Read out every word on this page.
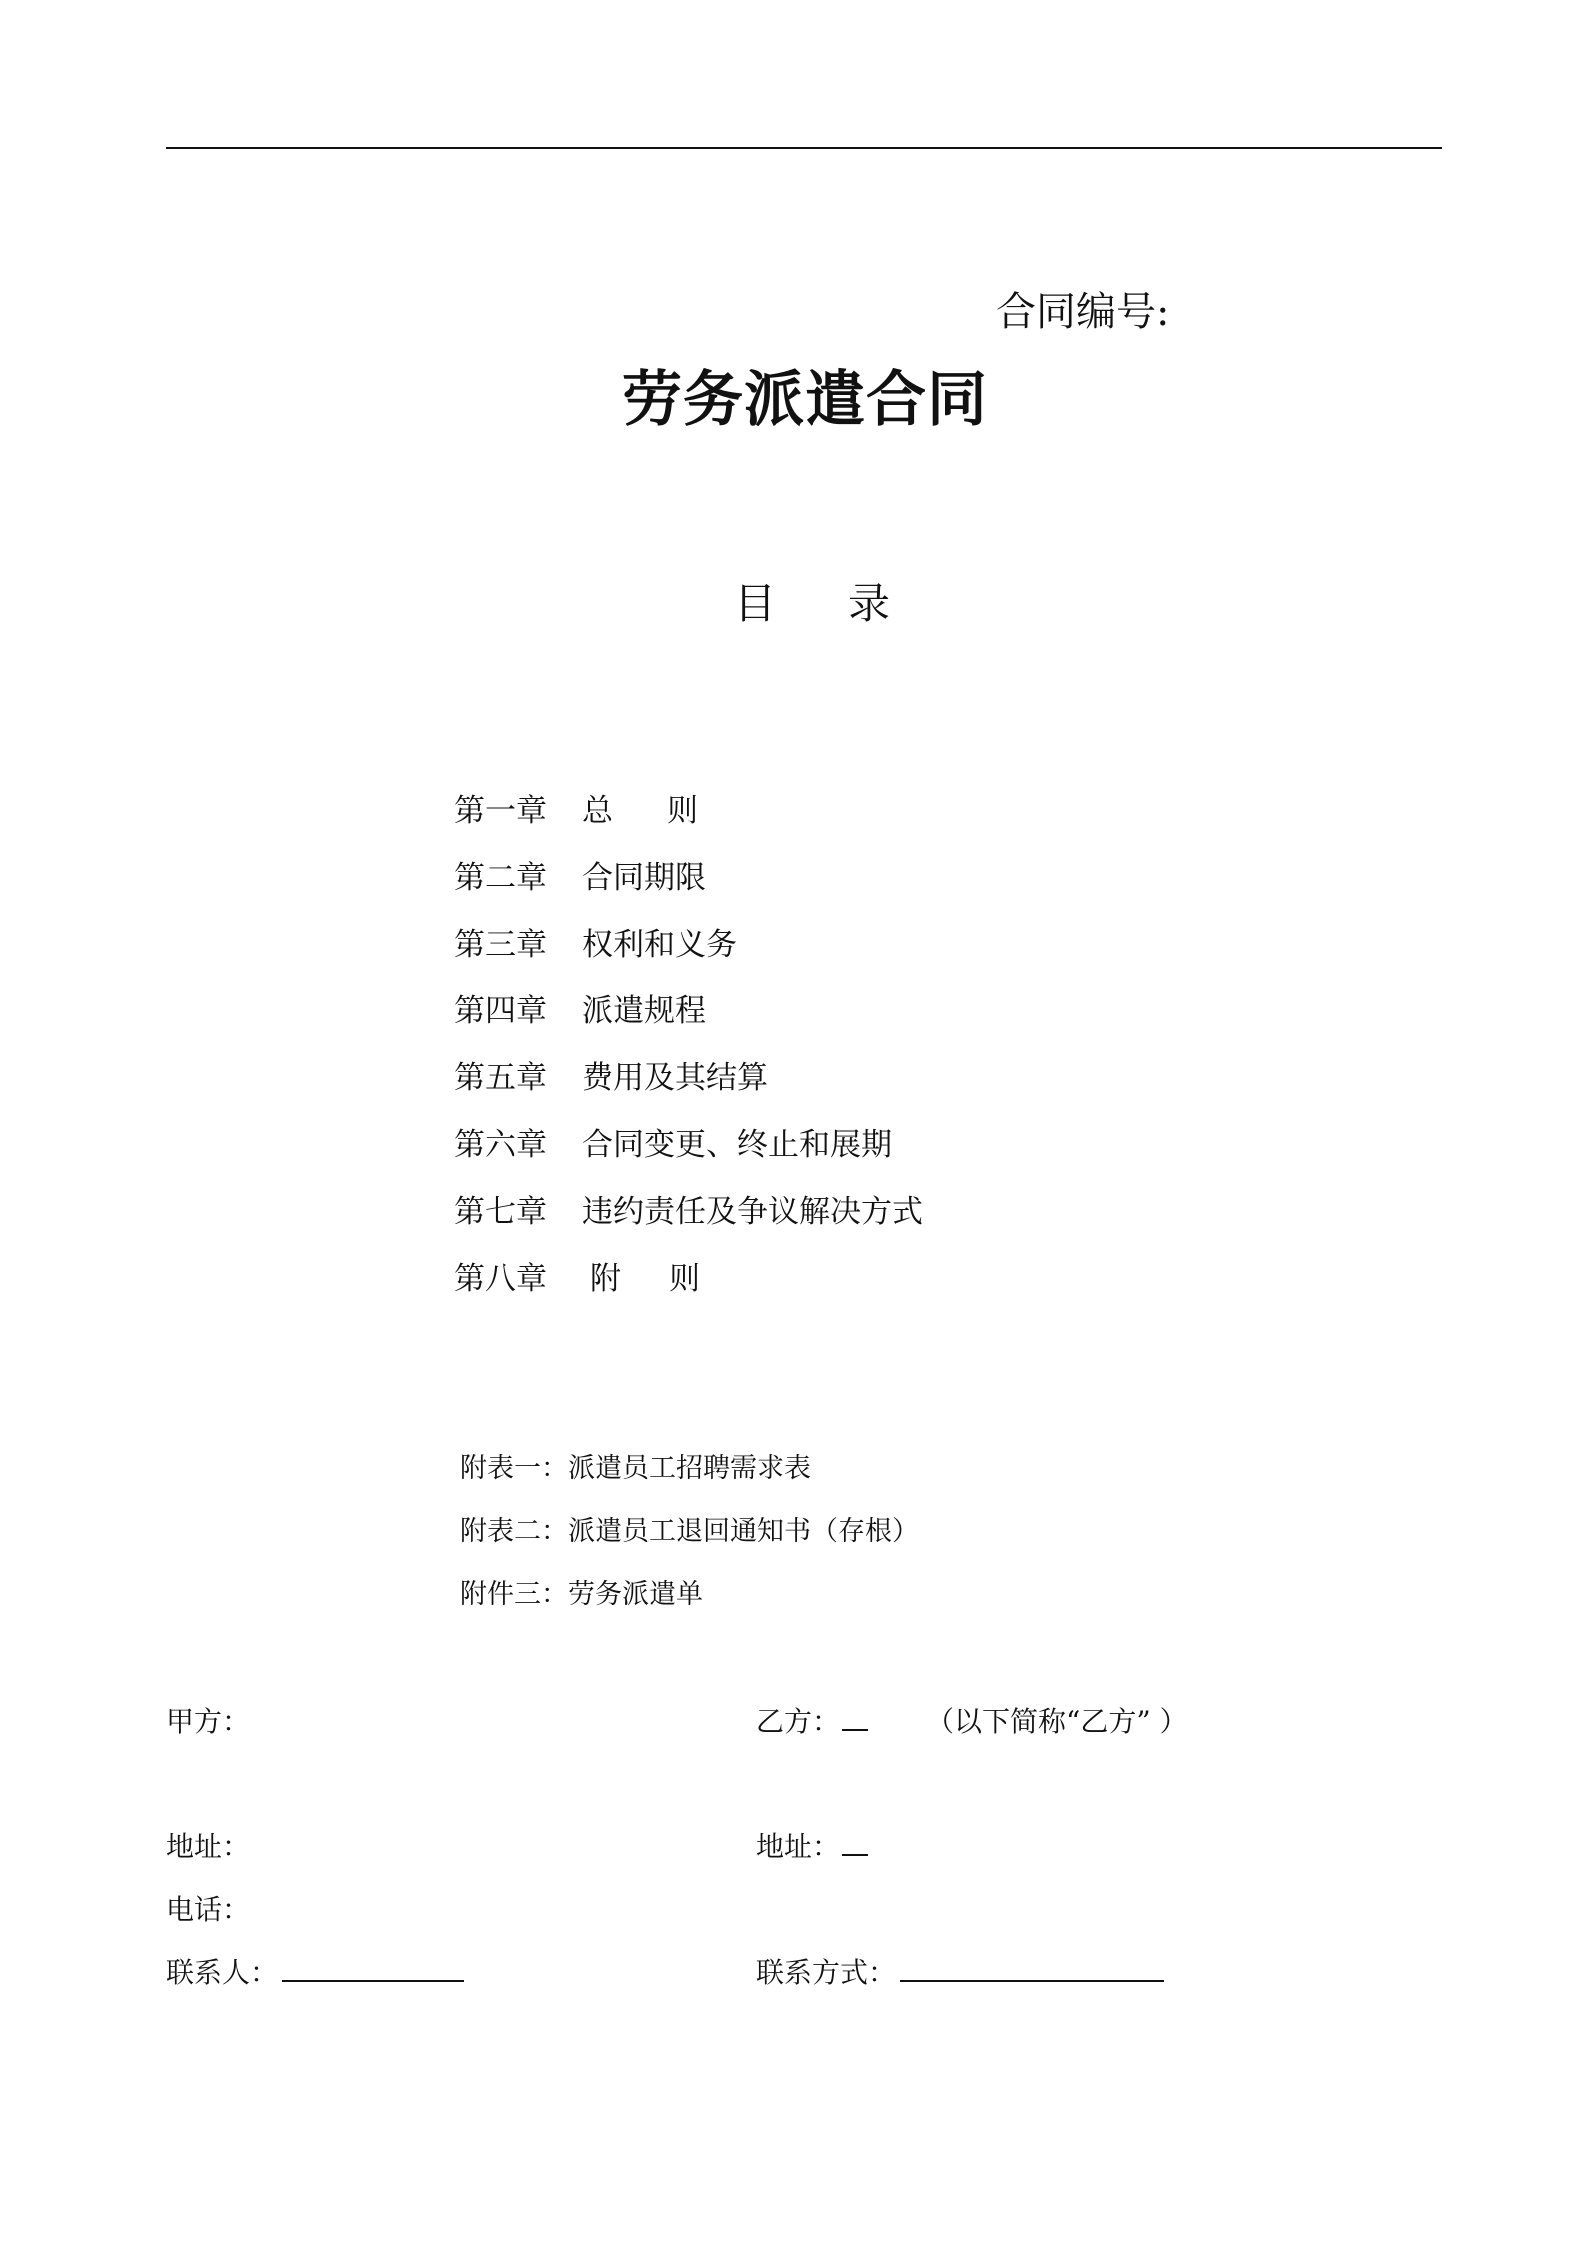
合同编号:
劳务派遣合同
目 录
第一章 总 则
第二章 合同期限
第三章 权利和义务
第四章 派遣规程
第五章 费用及其结算
第六章 合同变更、终止和展期
第七章 违约责任及争议解决方式
第八章 附 则
附表一：派遣员工招聘需求表
附表二：派遣员工退回通知书（存根）
附件三：劳务派遣单
甲方：
地址：
电话：
联系人：
乙方：	（以下简称“乙方” ）
地址：
联系方式：
